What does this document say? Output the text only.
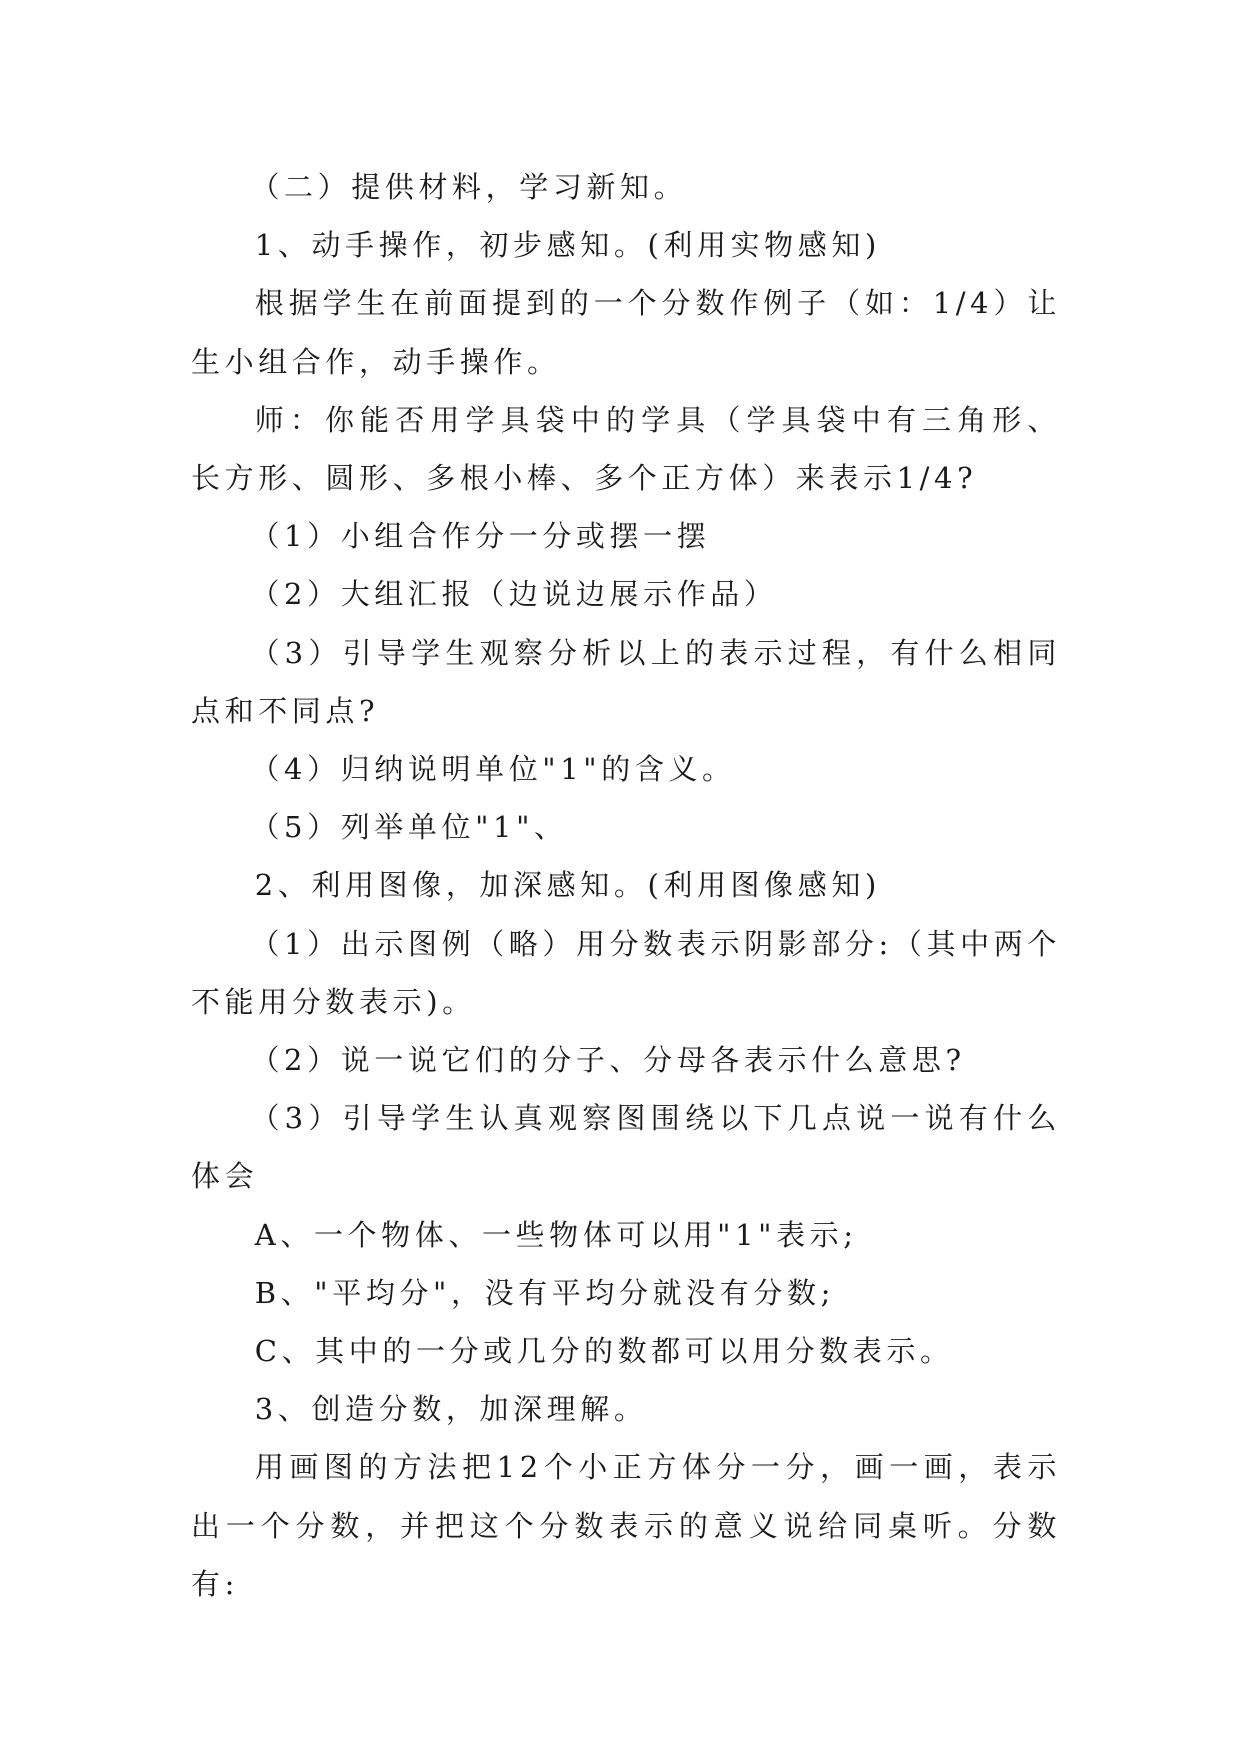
（二）提供材料，学习新知。

1、动手操作，初步感知。(利用实物感知)

根据学生在前面提到的一个分数作例子（如：1/4）让生小组合作，动手操作。

师：你能否用学具袋中的学具（学具袋中有三角形、长方形、圆形、多根小棒、多个正方体）来表示1/4?

（1）小组合作分一分或摆一摆

（2）大组汇报（边说边展示作品）

（3）引导学生观察分析以上的表示过程，有什么相同点和不同点?

（4）归纳说明单位"1"的含义。

（5）列举单位"1"、

2、利用图像，加深感知。(利用图像感知)

（1）出示图例（略）用分数表示阴影部分:（其中两个不能用分数表示)。

（2）说一说它们的分子、分母各表示什么意思?

（3）引导学生认真观察图围绕以下几点说一说有什么体会

A、一个物体、一些物体可以用"1"表示;

B、"平均分"，没有平均分就没有分数;

C、其中的一分或几分的数都可以用分数表示。

3、创造分数，加深理解。

用画图的方法把12个小正方体分一分，画一画，表示出一个分数，并把这个分数表示的意义说给同桌听。分数有:
